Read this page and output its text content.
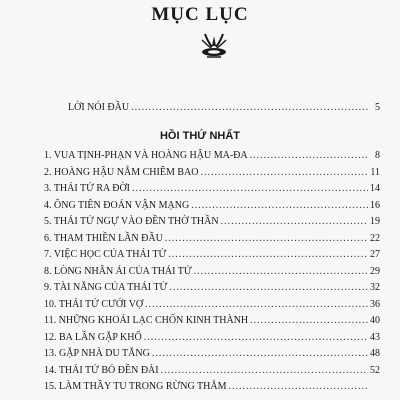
MỤC LỤC
LỜI NÓI ĐẦU .....	5
HỒI THỨ NHẤT
1. VUA TỊNH-PHẠN VÀ HOÀNG HẬU MA-ĐA .....	8
2. HOÀNG HẬU NẰM CHIÊM BAO .....	11
3. THÁI TỬ RA ĐỜI .....	14
4. ÔNG TIÊN ĐOÁN VẬN MẠNG .....	16
5. THÁI TỬ NGỰ VÀO ĐỀN THỜ THẦN .....	19
6. THAM THIỀN LẦN ĐẦU .....	22
7. VIỆC HỌC CỦA THÁI TỬ .....	27
8. LÒNG NHÂN ÁI CỦA THÁI TỬ .....	29
9. TÀI NĂNG CỦA THÁI TỬ .....	32
10. THÁI TỬ CƯỚI VỢ .....	36
11. NHỮNG KHOÁI LẠC CHỐN KINH THÀNH .....	40
12. BA LẦN GẶP KHỔ .....	43
13. GẶP NHÀ DU TĂNG .....	48
14. THÁI TỬ BỎ ĐỀN ĐÀI .....	52
15. LÀM THẦY TU TRONG RỪNG THẲM
.....
